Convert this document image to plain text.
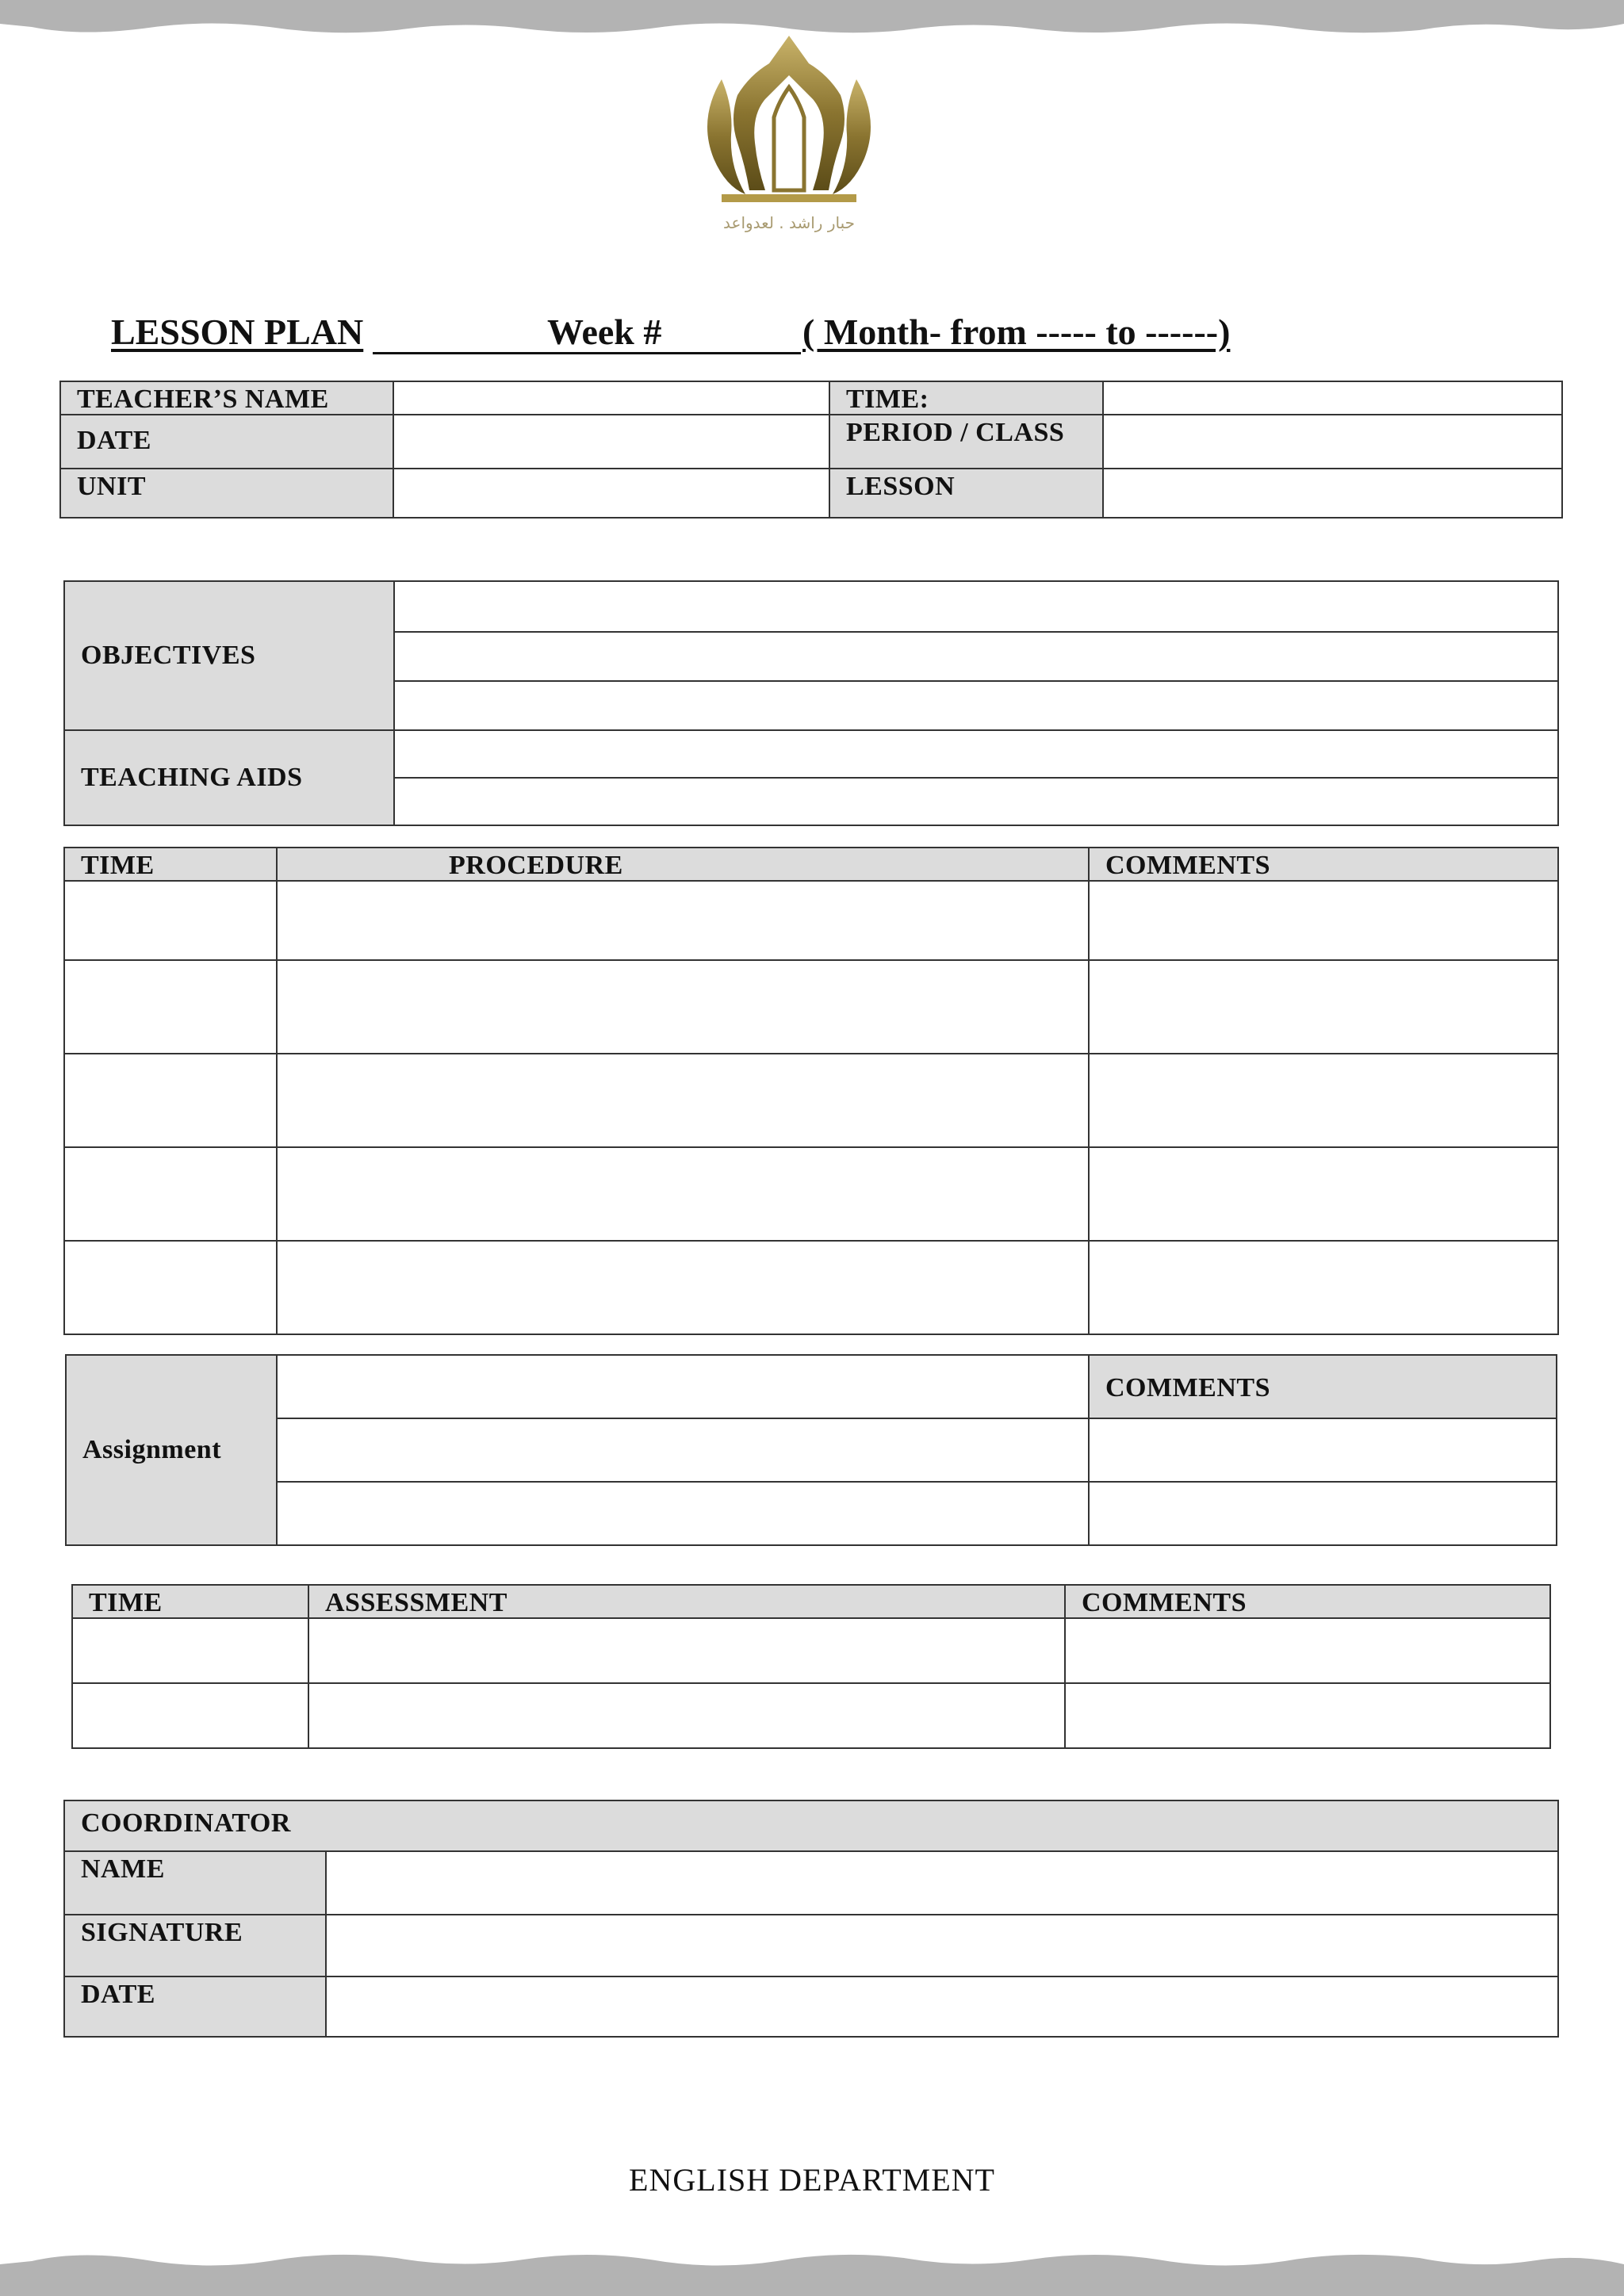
حبار راشد . لعدواعد
LESSON PLAN	Week #	( Month- from ----- to ------)
TEACHER’S NAME		TIME:	

DATE		PERIOD / CLASS	

UNIT		LESSON	

OBJECTIVES	

TEACHING AIDS	

TIME	PROCEDURE	COMMENTS

Assignment		COMMENTS

TIME	ASSESSMENT	COMMENTS

COORDINATOR	

NAME	

SIGNATURE	

DATE	

ENGLISH DEPARTMENT
